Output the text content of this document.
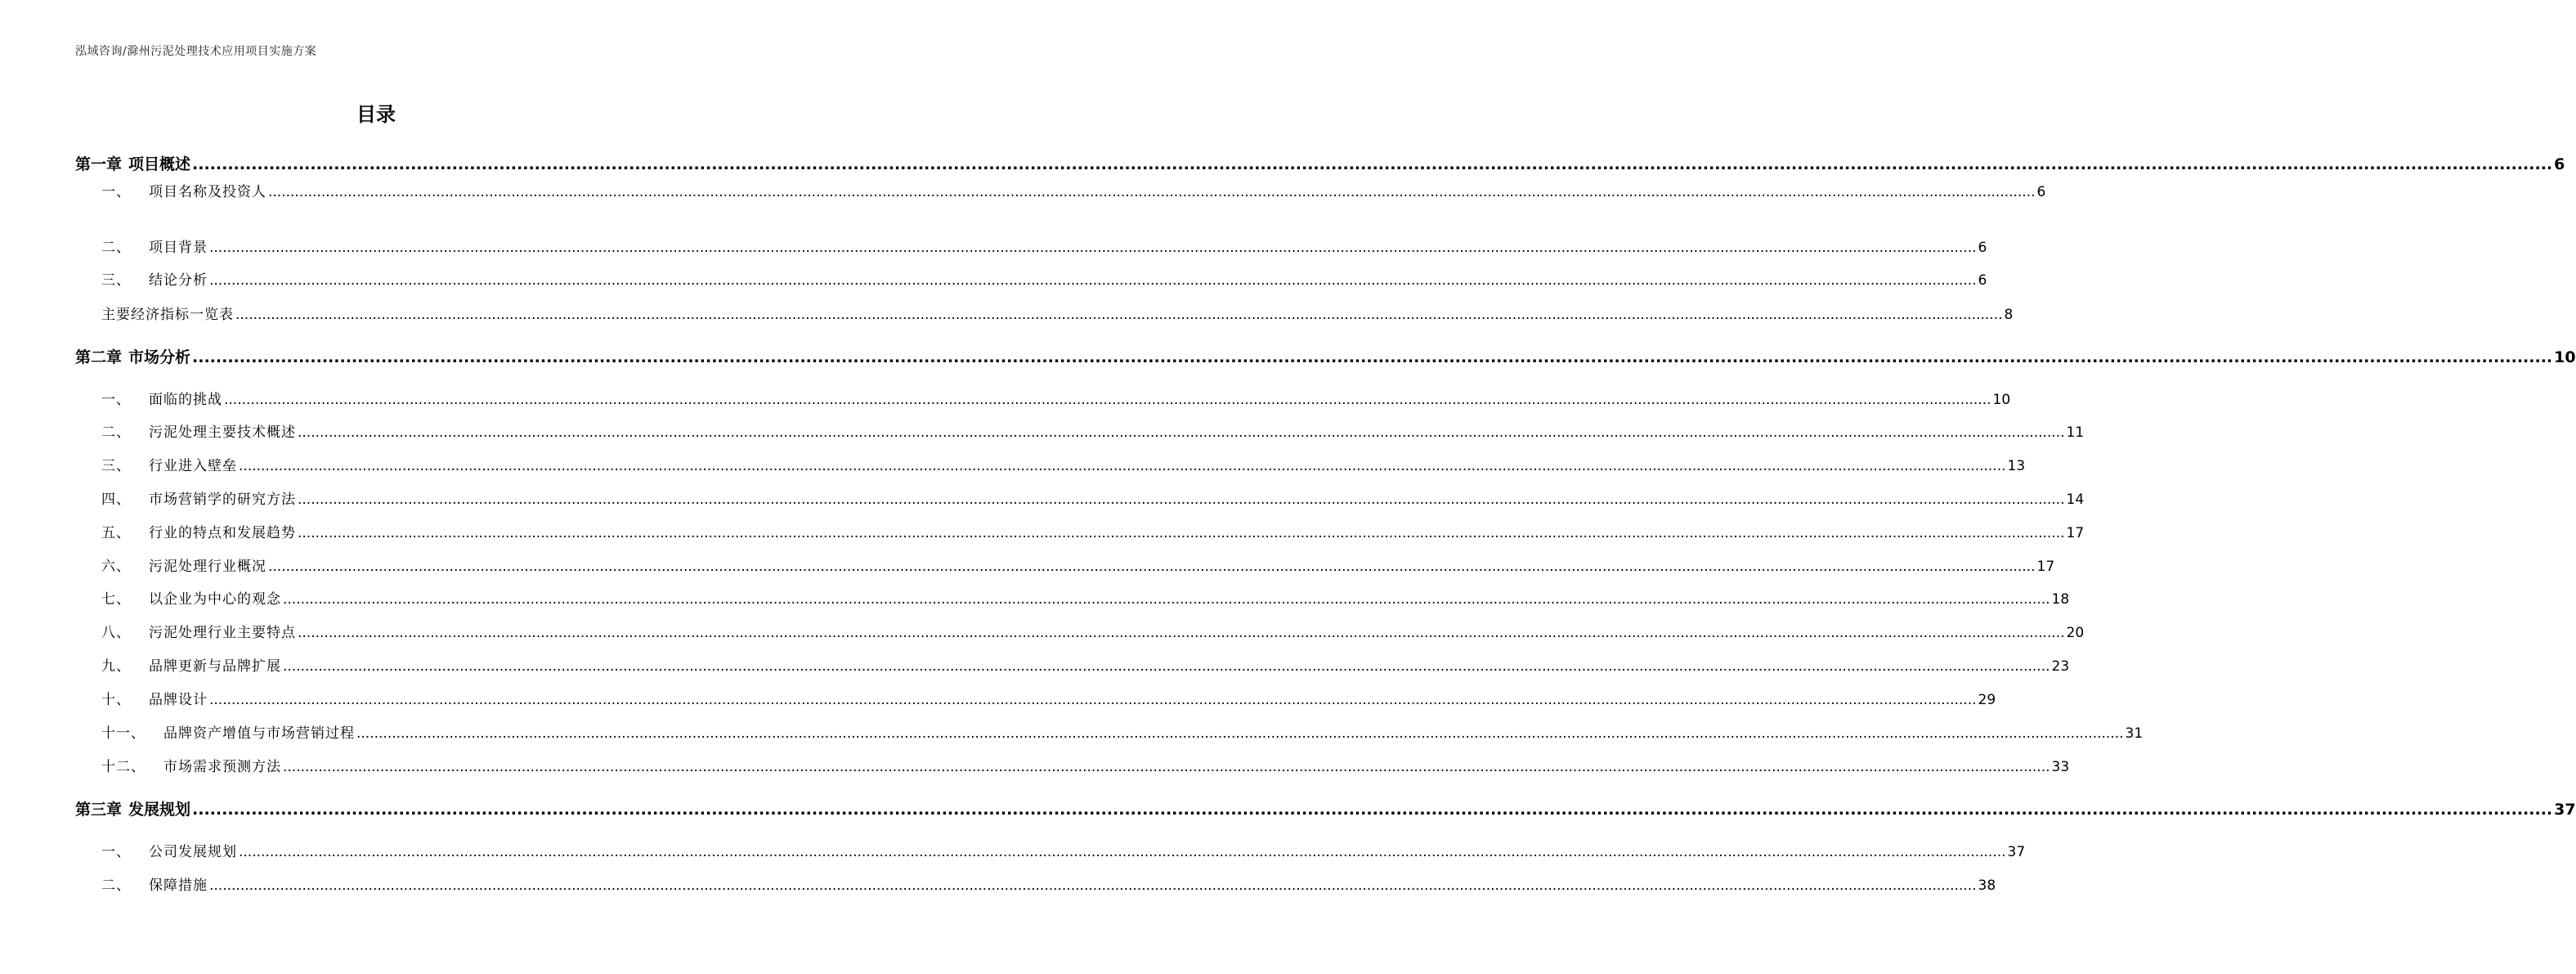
泓域咨询/滁州污泥处理技术应用项目实施方案
目录
第一章 项目概述 ................................................................................................................................................................................................................................................................................................................................................................................................................ 6
一、 项目名称及投资人 ................................................................................................................................................................................................................................................................................................................................................................................................................ 6
二、 项目背景 ................................................................................................................................................................................................................................................................................................................................................................................................................ 6
三、 结论分析 ................................................................................................................................................................................................................................................................................................................................................................................................................ 6
主要经济指标一览表 ................................................................................................................................................................................................................................................................................................................................................................................................................ 8
第二章 市场分析 ................................................................................................................................................................................................................................................................................................................................................................................................................ 10
一、 面临的挑战 ................................................................................................................................................................................................................................................................................................................................................................................................................ 10
二、 污泥处理主要技术概述 ................................................................................................................................................................................................................................................................................................................................................................................................................ 11
三、 行业进入壁垒 ................................................................................................................................................................................................................................................................................................................................................................................................................ 13
四、 市场营销学的研究方法 ................................................................................................................................................................................................................................................................................................................................................................................................................ 14
五、 行业的特点和发展趋势 ................................................................................................................................................................................................................................................................................................................................................................................................................ 17
六、 污泥处理行业概况 ................................................................................................................................................................................................................................................................................................................................................................................................................ 17
七、 以企业为中心的观念 ................................................................................................................................................................................................................................................................................................................................................................................................................ 18
八、 污泥处理行业主要特点 ................................................................................................................................................................................................................................................................................................................................................................................................................ 20
九、 品牌更新与品牌扩展 ................................................................................................................................................................................................................................................................................................................................................................................................................ 23
十、 品牌设计 ................................................................................................................................................................................................................................................................................................................................................................................................................ 29
十一、 品牌资产增值与市场营销过程 ................................................................................................................................................................................................................................................................................................................................................................................................................ 31
十二、 市场需求预测方法 ................................................................................................................................................................................................................................................................................................................................................................................................................ 33
第三章 发展规划 ................................................................................................................................................................................................................................................................................................................................................................................................................ 37
一、 公司发展规划 ................................................................................................................................................................................................................................................................................................................................................................................................................ 37
二、 保障措施 ................................................................................................................................................................................................................................................................................................................................................................................................................ 38
